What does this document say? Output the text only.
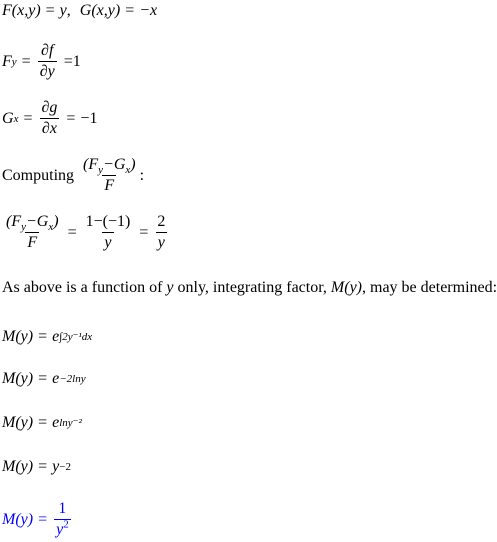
F (x,y) = y , G (x,y) = −x
F $y = \frac{\partial f}{\partial y} =1$
G $x = \frac{\partial g}{\partial x} = -1$
Computing $\frac{(F_y-G_x)}{F}$ :
$\frac{(F_y-G_x)}{F} = \frac{1-(-1)}{y} = \frac{2}{y}$
As above is a function of y only, integrating factor, M(y) , may be determined:
M(y) = e ∫2y⁻¹dx
M(y) = e −2lny
M(y) = e lny⁻²
M(y) = y −2
$M(y) = \frac{1}{y^2}$
